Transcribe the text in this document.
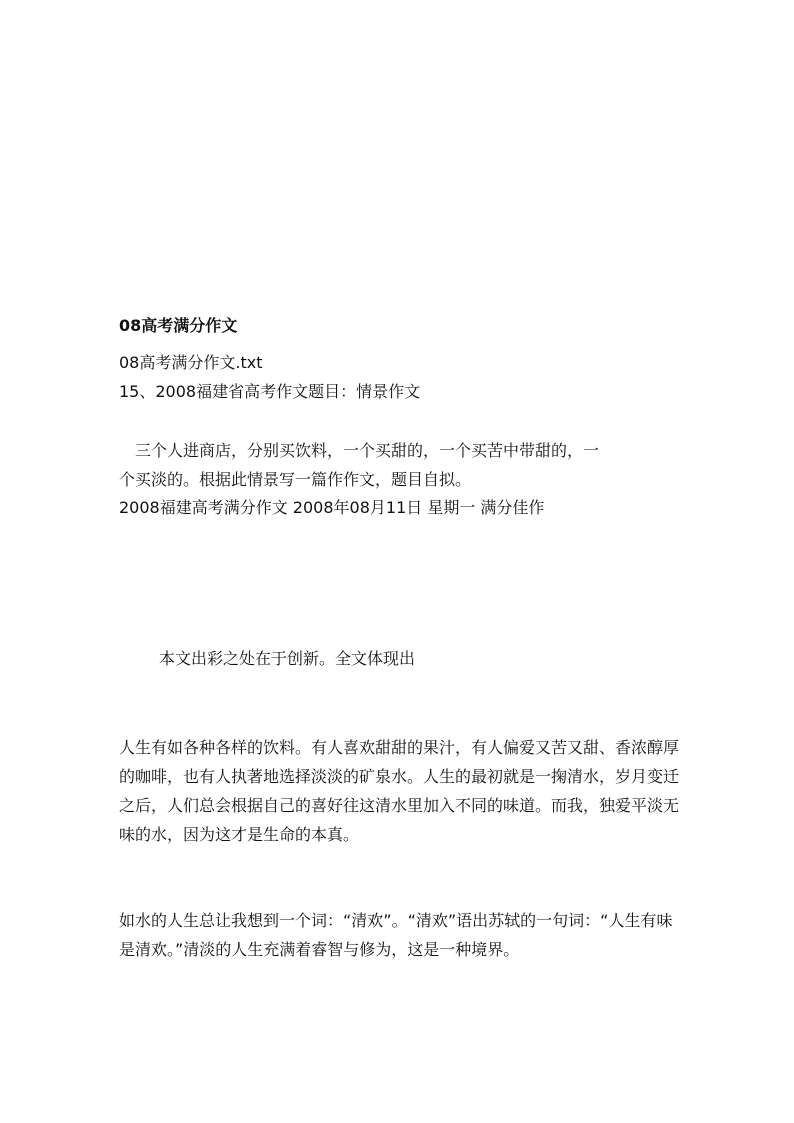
08高考满分作文
08高考满分作文.txt
15、2008福建省高考作文题目：情景作文
三个人进商店，分别买饮料，一个买甜的，一个买苦中带甜的，一
个买淡的。根据此情景写一篇作作文，题目自拟。
2008福建高考满分作文 2008年08月11日 星期一 满分佳作
本文出彩之处在于创新。全文体现出
人生有如各种各样的饮料。有人喜欢甜甜的果汁，有人偏爱又苦又甜、香浓醇厚的咖啡，也有人执著地选择淡淡的矿泉水。人生的最初就是一掬清水，岁月变迁之后，人们总会根据自己的喜好往这清水里加入不同的味道。而我，独爱平淡无味的水，因为这才是生命的本真。
如水的人生总让我想到一个词：“清欢”。“清欢”语出苏轼的一句词：“人生有味是清欢。”清淡的人生充满着睿智与修为，这是一种境界。
